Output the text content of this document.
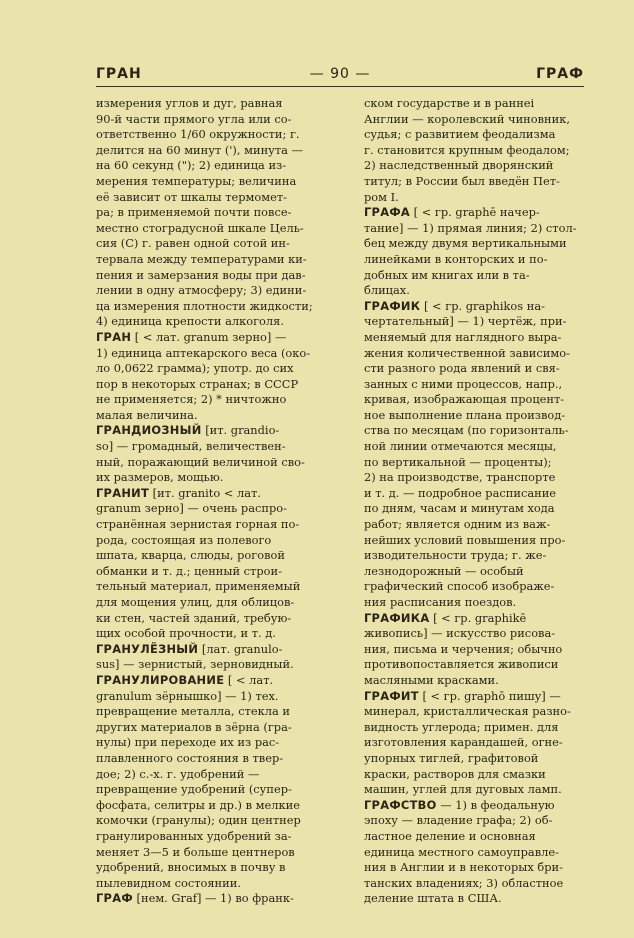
ГРАН	— 90 —	ГРАФ
измерения углов и дуг, равная
90-й части прямого угла или со-
ответственно 1/60 окружности; г.
делится на 60 минут ('), минута —
на 60 секунд ("); 2) единица из-
мерения температуры; величина
её зависит от шкалы термомет-
ра; в применяемой почти повсе-
местно стоградусной шкале Цель-
сия (С) г. равен одной сотой ин-
тервала между температурами ки-
пения и замерзания воды при дав-
лении в одну атмосферу; 3) едини-
ца измерения плотности жидкости;
4) единица крепости алкоголя.
ГРАН [ < лат. granum зерно] —
1) единица аптекарского веса (око-
ло 0,0622 грамма); употр. до сих
пор в некоторых странах; в СССР
не применяется; 2) * ничтожно
малая величина.
ГРАНДИОЗНЫЙ [ит. grandio-
so] — громадный, величествен-
ный, поражающий величиной сво-
их размеров, мощью.
ГРАНИТ [ит. granito < лат.
granum зерно] — очень распро-
странённая зернистая горная по-
рода, состоящая из полевого
шпата, кварца, слюды, роговой
обманки и т. д.; ценный строи-
тельный материал, применяемый
для мощения улиц, для облицов-
ки стен, частей зданий, требую-
щих особой прочности, и т. д.
ГРАНУЛЁЗНЫЙ [лат. granulo-
sus] — зернистый, зерновидный.
ГРАНУЛИРОВАНИЕ [ < лат.
granulum зёрнышко] — 1) тех.
превращение металла, стекла и
других материалов в зёрна (гра-
нулы) при переходе их из рас-
плавленного состояния в твер-
дое; 2) с.-х. г. удобрений —
превращение удобрений (супер-
фосфата, селитры и др.) в мелкие
комочки (гранулы); один центнер
гранулированных удобрений за-
меняет 3—5 и больше центнеров
удобрений, вносимых в почву в
пылевидном состоянии.
ГРАФ [нем. Graf] — 1) во франк-
ском государстве и в раннеі
Англии — королевский чиновник,
судья; с развитием феодализма
г. становится крупным феодалом;
2) наследственный дворянский
титул; в России был введён Пет-
ром I.
ГРАФА [ < гр. graphē начер-
тание] — 1) прямая линия; 2) стол-
бец между двумя вертикальными
линейками в конторских и по-
добных им книгах или в та-
блицах.
ГРАФИК [ < гр. graphikos на-
чертательный] — 1) чертёж, при-
меняемый для наглядного выра-
жения количественной зависимо-
сти разного рода явлений и свя-
занных с ними процессов, напр.,
кривая, изображающая процент-
ное выполнение плана производ-
ства по месяцам (по горизонталь-
ной линии отмечаются месяцы,
по вертикальной — проценты);
2) на производстве, транспорте
и т. д. — подробное расписание
по дням, часам и минутам хода
работ; является одним из важ-
нейших условий повышения про-
изводительности труда; г. же-
лезнодорожный — особый
графический способ изображе-
ния расписания поездов.
ГРАФИКА [ < гр. graphikē
живопись] — искусство рисова-
ния, письма и черчения; обычно
противопоставляется живописи
масляными красками.
ГРАФИТ [ < гр. graphō пишу] —
минерал, кристаллическая разно-
видность углерода; примен. для
изготовления карандашей, огне-
упорных тиглей, графитовой
краски, растворов для смазки
машин, углей для дуговых ламп.
ГРАФСТВО — 1) в феодальную
эпоху — владение графа; 2) об-
ластное деление и основная
единица местного самоуправле-
ния в Англии и в некоторых бри-
танских владениях; 3) областное
деление штата в США.
